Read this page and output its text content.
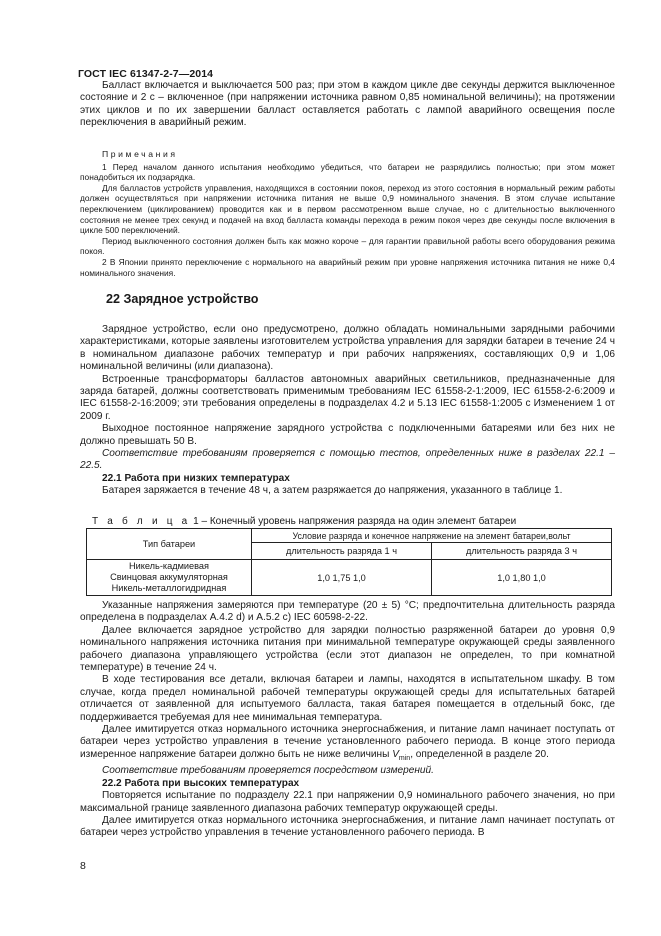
ГОСТ IEC 61347-2-7—2014

Балласт включается и выключается 500 раз; при этом в каждом цикле две секунды держится выключенное состояние и 2 с – включенное (при напряжении источника равном 0,85 номинальной величины); на протяжении этих циклов и по их завершении балласт оставляется работать с лампой аварийного освещения после переключения в аварийный режим.

Примечания

1 Перед началом данного испытания необходимо убедиться, что батареи не разрядились полностью; при этом может понадобиться их подзарядка.

Для балластов устройств управления, находящихся в состоянии покоя, переход из этого состояния в нормальный режим работы должен осуществляться при напряжении источника питания не выше 0,9 номинального значения. В этом случае испытание переключением (циклированием) проводится как и в первом рассмотренном выше случае, но с длительностью выключенного состояния не менее трех секунд и подачей на вход балласта команды перехода в режим покоя через две секунды после включения в цикле 500 переключений.

Период выключенного состояния должен быть как можно короче – для гарантии правильной работы всего оборудования режима покоя.

2 В Японии принято переключение с нормального на аварийный режим при уровне напряжения источника питания не ниже 0,4 номинального значения.

22 Зарядное устройство

Зарядное устройство, если оно предусмотрено, должно обладать номинальными зарядными рабочими характеристиками, которые заявлены изготовителем устройства управления для зарядки батареи в течение 24 ч в номинальном диапазоне рабочих температур и при рабочих напряжениях, составляющих 0,9 и 1,06 номинальной величины (или диапазона).

Встроенные трансформаторы балластов автономных аварийных светильников, предназначенные для заряда батарей, должны соответствовать применимым требованиям IEC 61558-2-1:2009, IEC 61558-2-6:2009 и IEC 61558-2-16:2009; эти требования определены в подразделах 4.2 и 5.13 IEC 61558-1:2005 с Изменением 1 от 2009 г.

Выходное постоянное напряжение зарядного устройства с подключенными батареями или без них не должно превышать 50 В.

Соответствие требованиям проверяется с помощью тестов, определенных ниже в разделах 22.1 – 22.5.

22.1 Работа при низких температурах

Батарея заряжается в течение 48 ч, а затем разряжается до напряжения, указанного в таблице 1.

Т а б л и ц а 1 – Конечный уровень напряжения разряда на один элемент батареи
Тип батареи	Условие разряда и конечное напряжение на элемент батареи,вольт	
	длительность разряда 1 ч	длительность разряда 3 ч

Никель-кадмиевая
Свинцовая аккумуляторная
Никель-металлогидридная	1,0 1,75 1,0	1,0 1,80 1,0

Указанные напряжения замеряются при температуре (20 ± 5) °С; предпочтительна длительность разряда определена в подразделах А.4.2 d) и А.5.2 c) IEC 60598-2-22.

Далее включается зарядное устройство для зарядки полностью разряженной батареи до уровня 0,9 номинального напряжения источника питания при минимальной температуре окружающей среды заявленного рабочего диапазона управляющего устройства (если этот диапазон не определен, то при комнатной температуре) в течение 24 ч.

В ходе тестирования все детали, включая батареи и лампы, находятся в испытательном шкафу. В том случае, когда предел номинальной рабочей температуры окружающей среды для испытательных батарей отличается от заявленной для испытуемого балласта, такая батарея помещается в отдельный бокс, где поддерживается требуемая для нее минимальная температура.

Далее имитируется отказ нормального источника энергоснабжения, и питание ламп начинает поступать от батареи через устройство управления в течение установленного рабочего периода. В конце этого периода измеренное напряжение батареи должно быть не ниже величины $V_{min}$, определенной в разделе 20.

Соответствие требованиям проверяется посредством измерений.

22.2 Работа при высоких температурах

Повторяется испытание по подразделу 22.1 при напряжении 0,9 номинального рабочего значения, но при максимальной границе заявленного диапазона рабочих температур окружающей среды.

Далее имитируется отказ нормального источника энергоснабжения, и питание ламп начинает поступать от батареи через устройство управления в течение установленного рабочего периода. В

8
